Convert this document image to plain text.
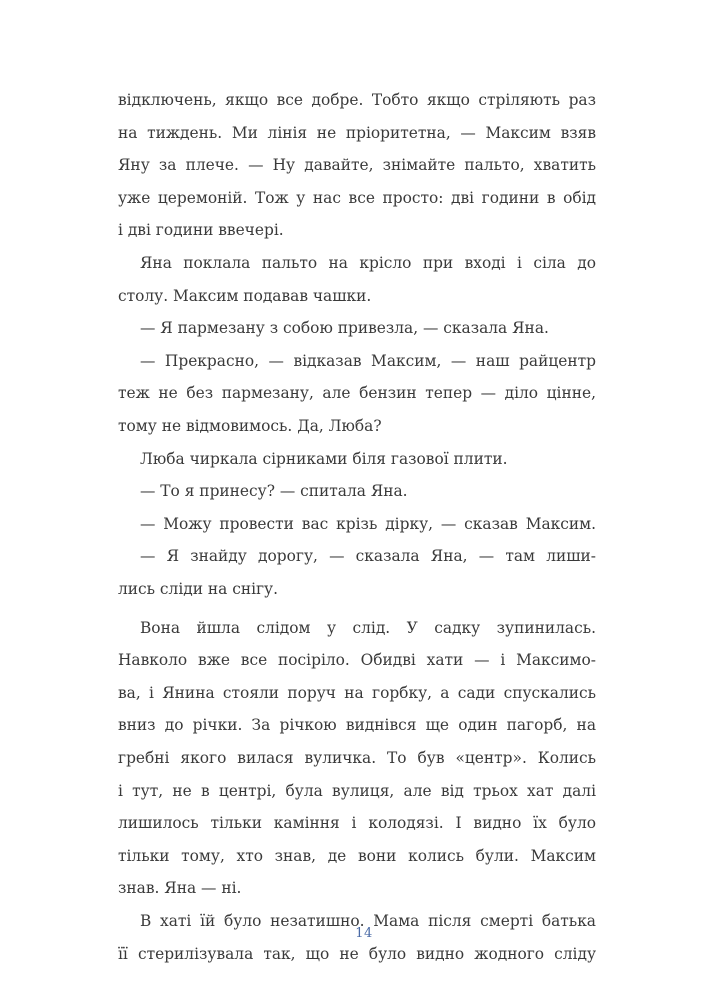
відключень, якщо все добре. Тобто якщо стріляють раз
на тиждень. Ми лінія не пріоритетна, — Максим взяв
Яну за плече. — Ну давайте, знімайте пальто, хватить
уже церемоній. Тож у нас все просто: дві години в обід
і дві години ввечері.
Яна поклала пальто на крісло при вході і сіла до
столу. Максим подавав чашки.
— Я пармезану з собою привезла, — сказала Яна.
— Прекрасно, — відказав Максим, — наш райцентр
теж не без пармезану, але бензин тепер — діло цінне,
тому не відмовимось. Да, Люба?
Люба чиркала сірниками біля газової плити.
— То я принесу? — спитала Яна.
— Можу провести вас крізь дірку, — сказав Максим.
— Я знайду дорогу, — сказала Яна, — там лиши-
лись сліди на снігу.
Вона йшла слідом у слід. У садку зупинилась.
Навколо вже все посіріло. Обидві хати — і Максимо-
ва, і Янина стояли поруч на горбку, а сади спускались
вниз до річки. За річкою виднівся ще один пагорб, на
гребні якого вилася вуличка. То був «центр». Колись
і тут, не в центрі, була вулиця, але від трьох хат далі
лишилось тільки каміння і колодязі. І видно їх було
тільки тому, хто знав, де вони колись були. Максим
знав. Яна — ні.
В хаті їй було незатишно. Мама після смерті батька
її стерилізувала так, що не було видно жодного сліду
14
